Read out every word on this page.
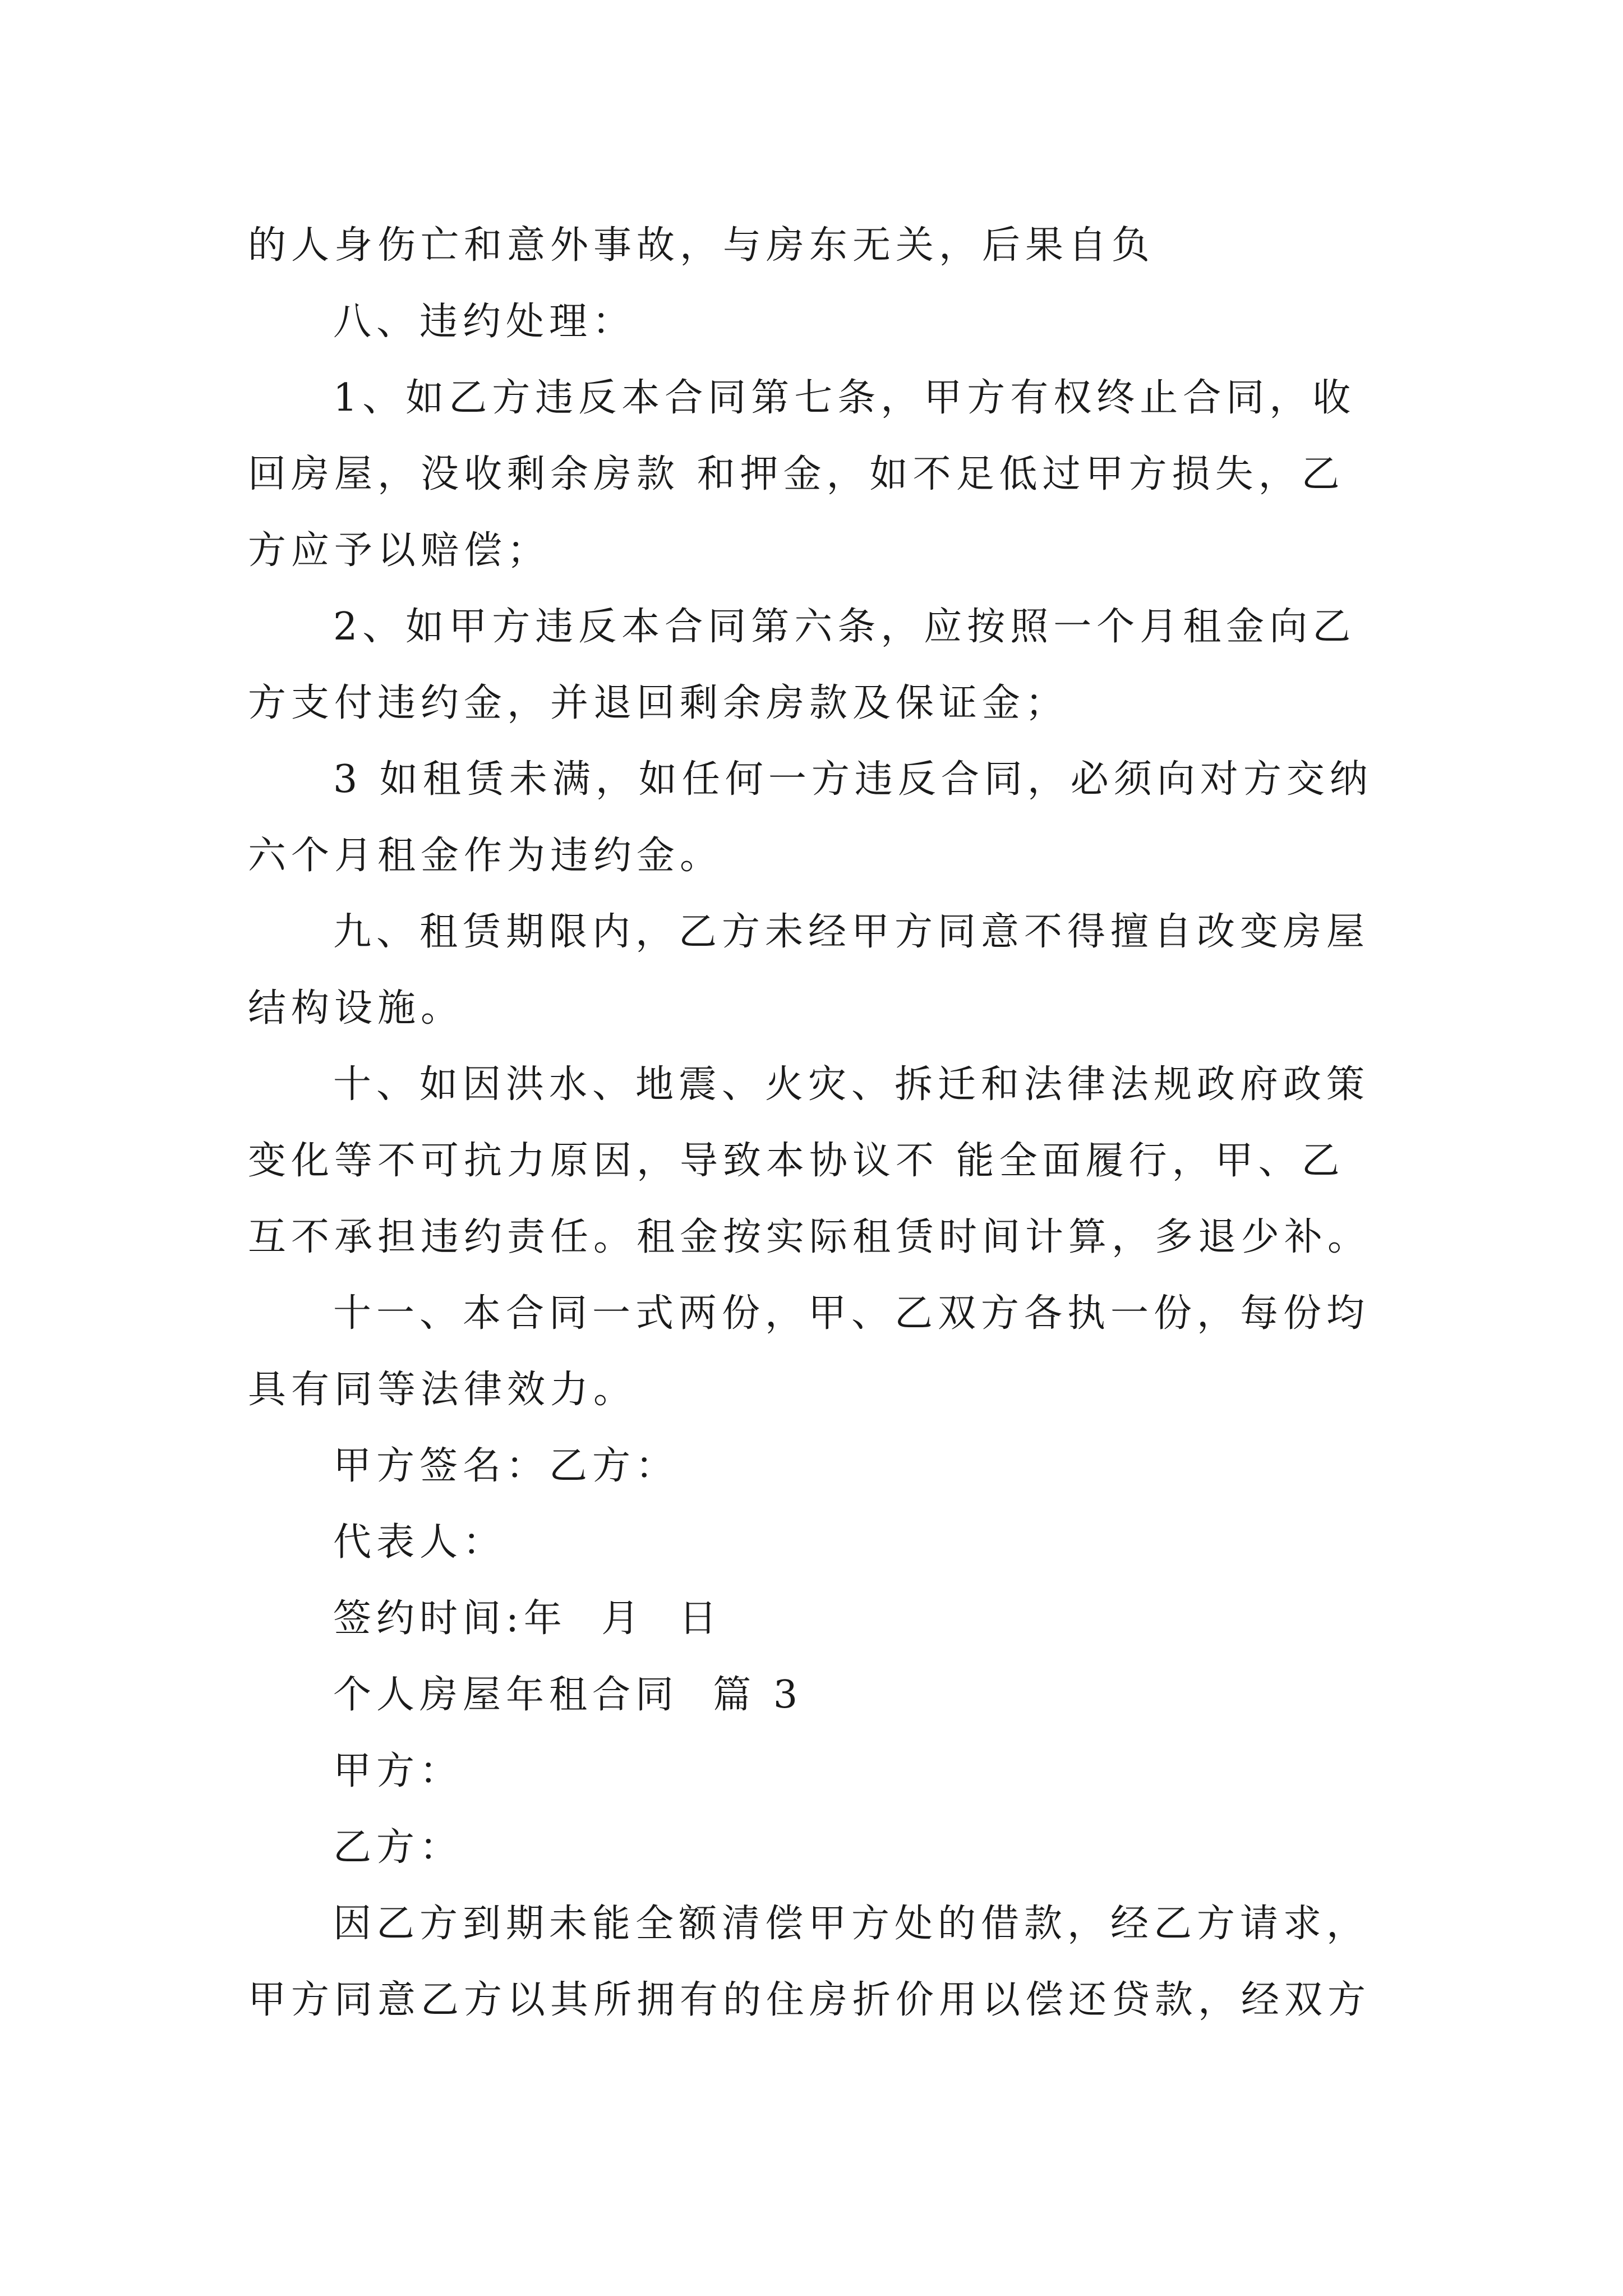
的人身伤亡和意外事故，与房东无关，后果自负
八、违约处理：
1、如乙方违反本合同第七条，甲方有权终止合同，收
回房屋，没收剩余房款 和押金，如不足低过甲方损失，乙
方应予以赔偿；
2、如甲方违反本合同第六条，应按照一个月租金向乙
方支付违约金，并退回剩余房款及保证金；
3 如租赁未满，如任何一方违反合同，必须向对方交纳
六个月租金作为违约金。
九、租赁期限内，乙方未经甲方同意不得擅自改变房屋
结构设施。
十、如因洪水、地震、火灾、拆迁和法律法规政府政策
变化等不可抗力原因，导致本协议不 能全面履行，甲、乙
互不承担违约责任。租金按实际租赁时间计算，多退少补。
十一、本合同一式两份，甲、乙双方各执一份，每份均
具有同等法律效力。
甲方签名：乙方：
代表人：
签约时间:年  月  日
个人房屋年租合同  篇 3
甲方：
乙方：
因乙方到期未能全额清偿甲方处的借款，经乙方请求，
甲方同意乙方以其所拥有的住房折价用以偿还贷款，经双方
